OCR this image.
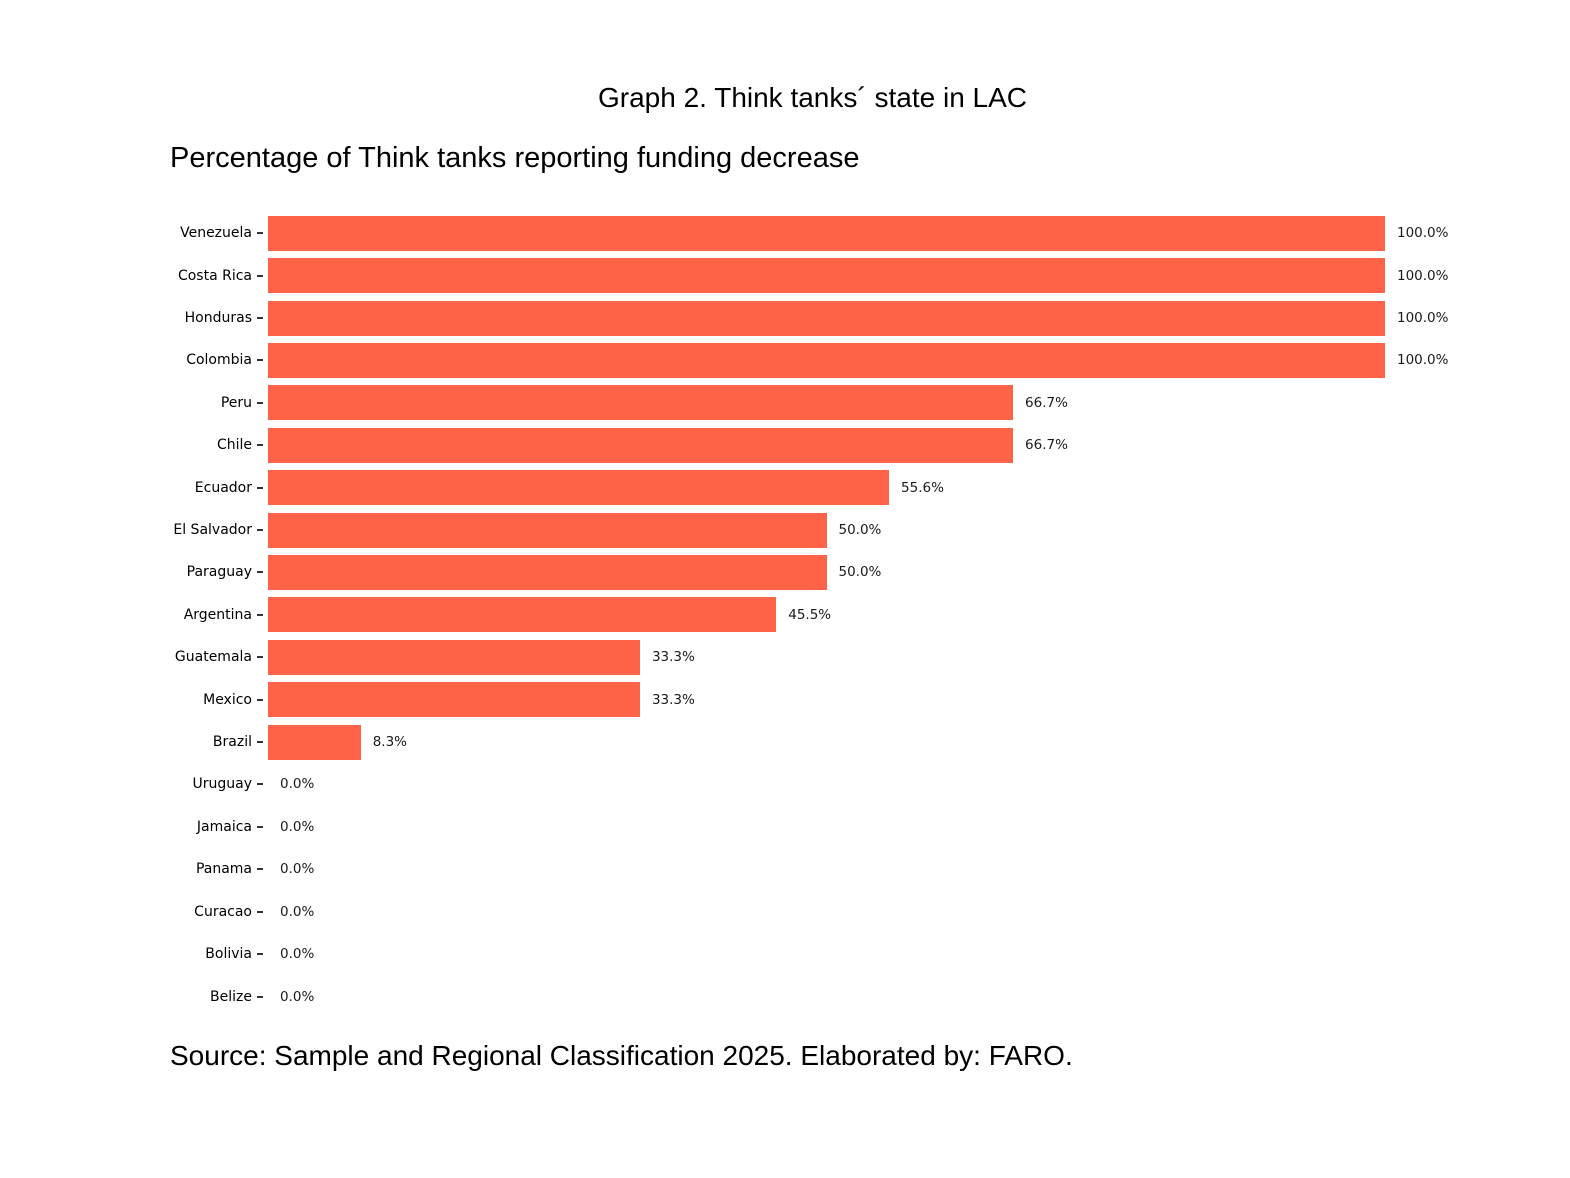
Graph 2. Think tanks´ state in LAC
Percentage of Think tanks reporting funding decrease
Venezuela	100.0%
Costa Rica	100.0%
Honduras	100.0%
Colombia	100.0%
Peru	66.7%
Chile	66.7%
Ecuador	55.6%
El Salvador	50.0%
Paraguay	50.0%
Argentina	45.5%
Guatemala	33.3%
Mexico	33.3%
Brazil	8.3%
Uruguay 0.0%
Jamaica 0.0%
Panama 0.0%
Curacao 0.0%
Bolivia 0.0%
Belize 0.0%
Source: Sample and Regional Classification 2025. Elaborated by: FARO.
